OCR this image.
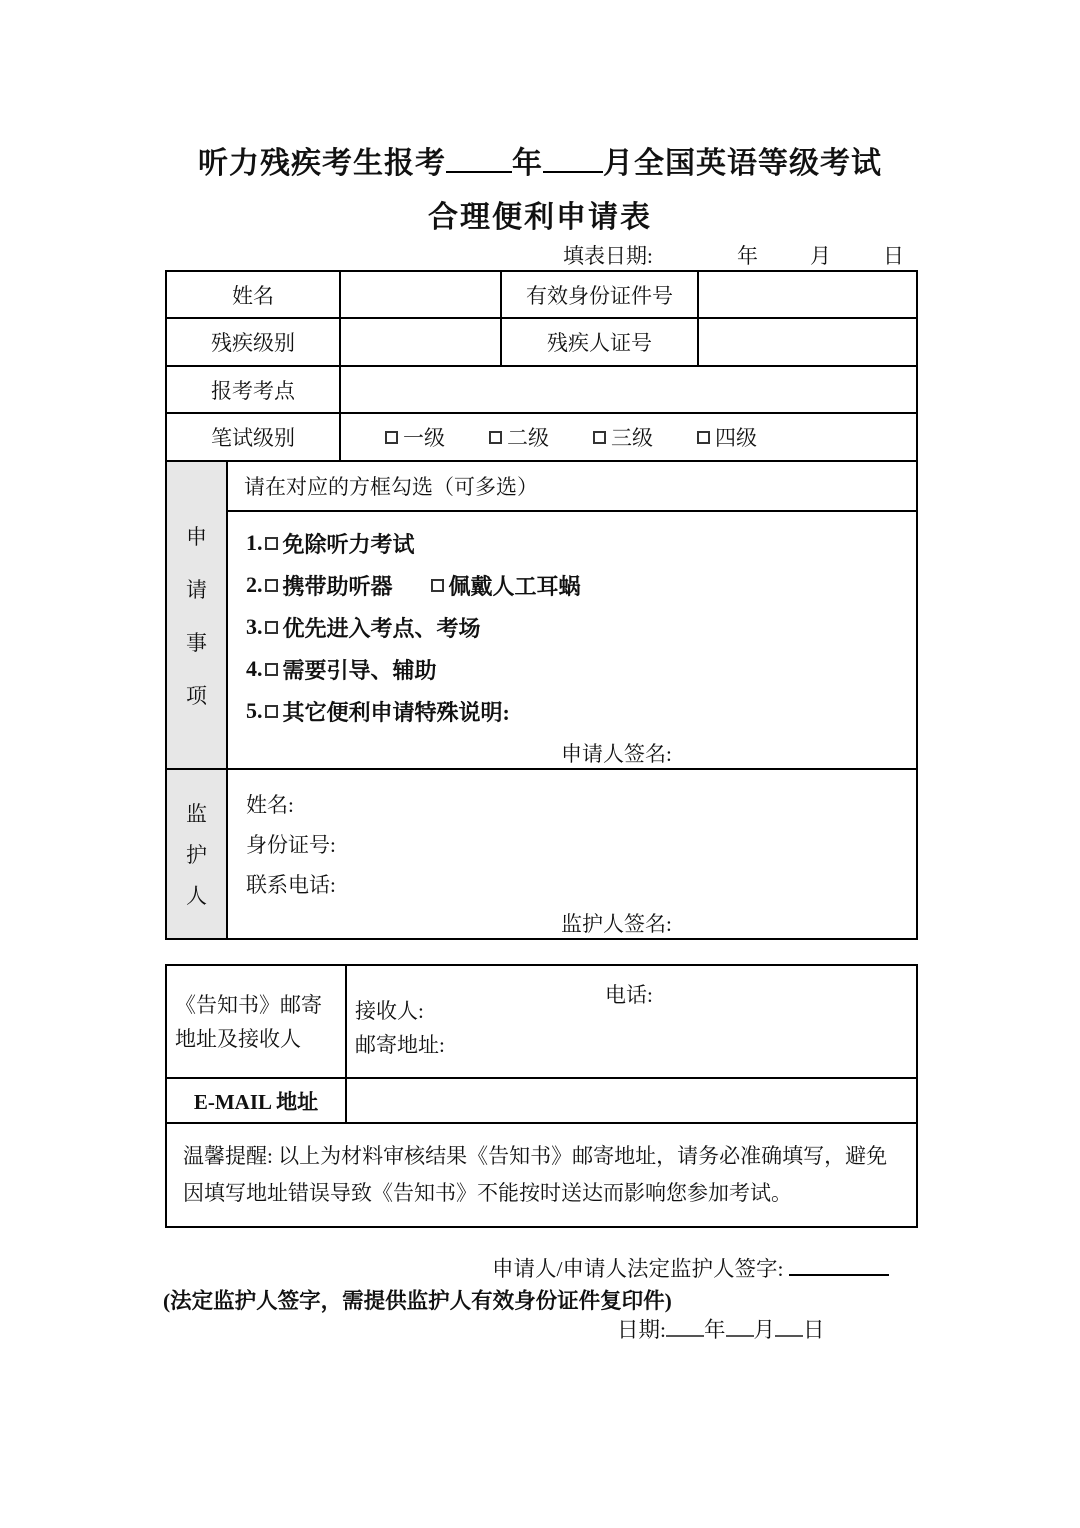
听力残疾考生报考 年 月全国英语等级考试
合理便利申请表
填表日期:	年 月 日
姓名		有效身份证件号	
残疾级别		残疾人证号	
报考考点			
笔试级别	一级 二级 三级 四级		

申
请
事
项
请在对应的方框勾选（可多选）
1. 免除听力考试
2. 携带助听器	佩戴人工耳蜗
3. 优先进入考点、考场
4. 需要引导、辅助
5. 其它便利申请特殊说明:
申请人签名:

监
护
人
姓名:
身份证号:
联系电话:
监护人签名:
《告知书》邮寄
地址及接收人

接收人:
电话:
邮寄地址:

E-MAIL 地址	
温馨提醒: 以上为材料审核结果《告知书》邮寄地址，请务必准确填写，避免因填写地址错误导致《告知书》不能按时送达而影响您参加考试。	
申请人/申请人法定监护人签字:
(法定监护人签字，需提供监护人有效身份证件复印件)
日期: 年 月 日
